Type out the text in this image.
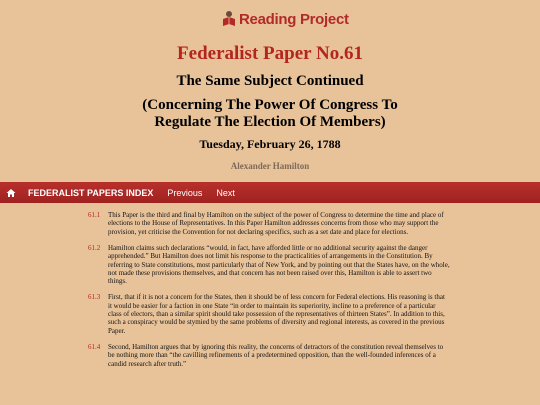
Reading Project
Federalist Paper No.61
The Same Subject Continued
(Concerning The Power Of Congress To Regulate The Election Of Members)
Tuesday, February 26, 1788
Alexander Hamilton
FEDERALIST PAPERS INDEX Previous Next
61.1	This Paper is the third and final by Hamilton on the subject of the power of Congress to determine the time and place of elections to the House of Representatives. In this Paper Hamilton addresses concerns from those who may support the provision, yet criticise the Convention for not declaring specifics, such as a set date and place for elections.
61.2	Hamilton claims such declarations “would, in fact, have afforded little or no additional security against the danger apprehended.” But Hamilton does not limit his response to the practicalities of arrangements in the Constitution. By referring to State constitutions, most particularly that of New York, and by pointing out that the States have, on the whole, not made these provisions themselves, and that concern has not been raised over this, Hamilton is able to assert two things.
61.3	First, that if it is not a concern for the States, then it should be of less concern for Federal elections. His reasoning is that it would be easier for a faction in one State “in order to maintain its superiority, incline to a preference of a particular class of electors, than a similar spirit should take possession of the representatives of thirteen States”. In addition to this, such a conspiracy would be stymied by the same problems of diversity and regional interests, as covered in the previous Paper.
61.4	Second, Hamilton argues that by ignoring this reality, the concerns of detractors of the constitution reveal themselves to be nothing more than “the cavilling refinements of a predetermined opposition, than the well-founded inferences of a candid research after truth.”
